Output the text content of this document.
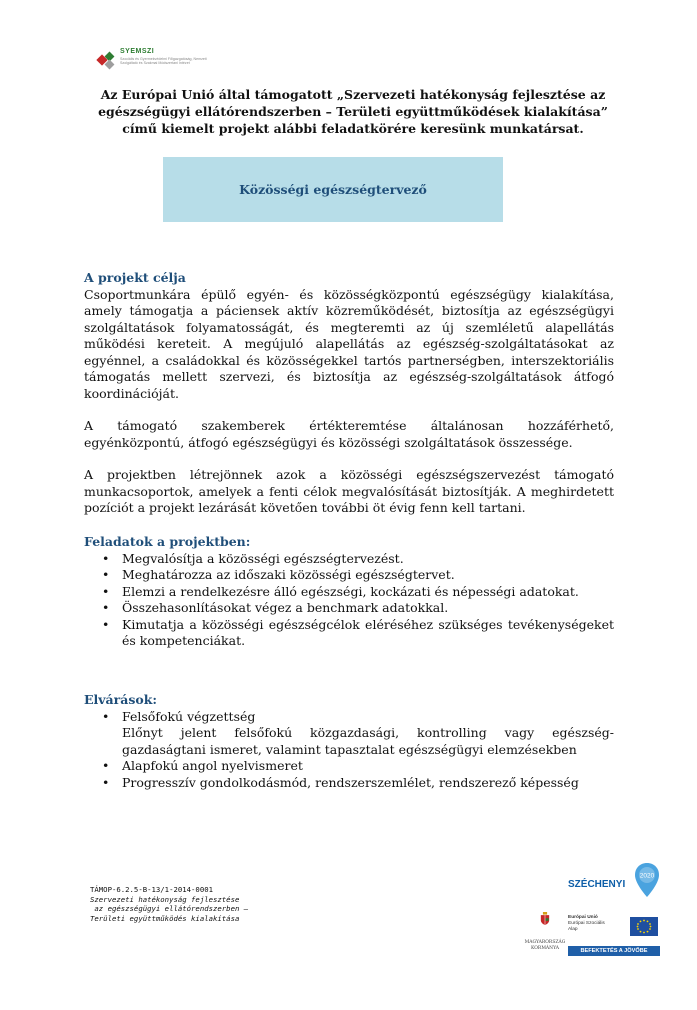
SYEMSZI
Szociális és Gyermekvédelmi Főigazgatóság, Nemzeti Szolgáltató és Szakmai Módszertani Intézet
Az Európai Unió által támogatott „Szervezeti hatékonyság fejlesztése az egészségügyi ellátórendszerben – Területi együttműködések kialakítása” című kiemelt projekt alábbi feladatkörére keresünk munkatársat.
Közösségi egészségtervező
A projekt célja

Csoportmunkára épülő egyén- és közösségközpontú egészségügy kialakítása, amely támogatja a páciensek aktív közreműködését, biztosítja az egészségügyi szolgáltatások folyamatosságát, és megteremti az új szemléletű alapellátás működési kereteit. A megújuló alapellátás az egészség-szolgáltatásokat az egyénnel, a családokkal és közösségekkel tartós partnerségben, interszektoriális támogatás mellett szervezi, és biztosítja az egészség-szolgáltatások átfogó koordinációját.

A támogató szakemberek értékteremtése általánosan hozzáférhető, egyénközpontú, átfogó egészségügyi és közösségi szolgáltatások összessége.

A projektben létrejönnek azok a közösségi egészségszervezést támogató munkacsoportok, amelyek a fenti célok megvalósítását biztosítják. A meghirdetett pozíciót a projekt lezárását követően további öt évig fenn kell tartani.

Feladatok a projektben:
• Megvalósítja a közösségi egészségtervezést.
• Meghatározza az időszaki közösségi egészségtervet.
• Elemzi a rendelkezésre álló egészségi, kockázati és népességi adatokat.
• Összehasonlításokat végez a benchmark adatokkal.
• Kimutatja a közösségi egészségcélok eléréséhez szükséges tevékenységeket és kompetenciákat.
Elvárások:
• Felsőfokú végzettség
Előnyt jelent felsőfokú közgazdasági, kontrolling vagy egészség-gazdaságtani ismeret, valamint tapasztalat egészségügyi elemzésekben
• Alapfokú angol nyelvismeret
• Progresszív gondolkodásmód, rendszerszemlélet, rendszerező képesség
TÁMOP-6.2.5-B-13/1-2014-0001
Szervezeti hatékonyság fejlesztése
az egészségügyi ellátórendszerben –
Területi együttműködés kialakítása
SZÉCHENYI
2020
MAGYARORSZÁG
KORMÁNYA
Európai Unió
Európai Szociális
Alap
BEFEKTETÉS A JÖVŐBE
